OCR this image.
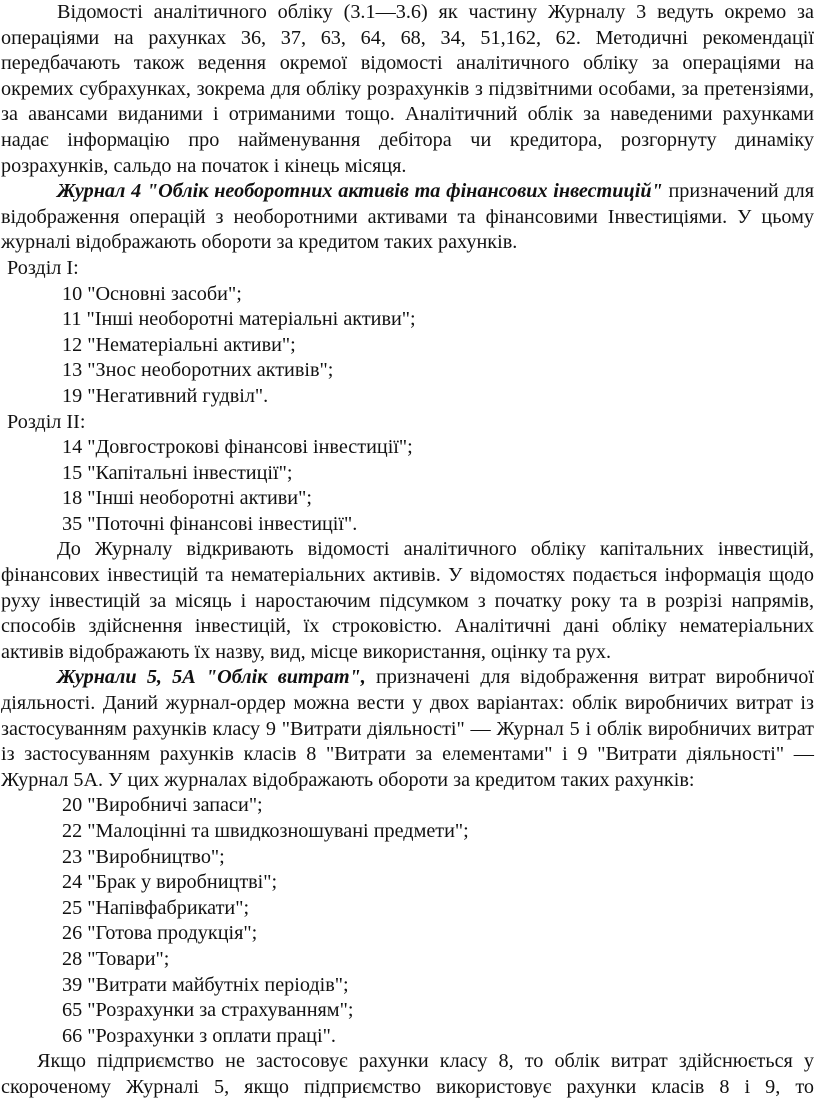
Відомості аналітичного обліку (3.1—3.6) як частину Журналу 3 ведуть окремо за операціями на рахунках 36, 37, 63, 64, 68, 34, 51,162, 62. Методичні рекомендації передбачають також ведення окремої відомості аналітичного обліку за операціями на окремих субрахунках, зокрема для обліку розрахунків з підзвітними особами, за претензіями, за авансами виданими і отриманими тощо. Аналітичний облік за наведеними рахунками надає інформацію про найменування дебітора чи кредитора, розгорнуту динаміку розрахунків, сальдо на початок і кінець місяця.

Журнал 4 "Облік необоротних активів та фінансових інвестицій" призначений для відображення операцій з необоротними активами та фінансовими Інвестиціями. У цьому журналі відображають обороти за кредитом таких рахунків.

Розділ І:
10 "Основні засоби";
11 "Інші необоротні матеріальні активи";
12 "Нематеріальні активи";
13 "Знос необоротних активів";
19 "Негативний гудвіл".
Розділ II:
14 "Довгострокові фінансові інвестиції";
15 "Капітальні інвестиції";
18 "Інші необоротні активи";
35 "Поточні фінансові інвестиції".

До Журналу відкривають відомості аналітичного обліку капітальних інвестицій, фінансових інвестицій та нематеріальних активів. У відомостях подається інформація щодо руху інвестицій за місяць і наростаючим підсумком з початку року та в розрізі напрямів, способів здійснення інвестицій, їх строковістю. Аналітичні дані обліку нематеріальних активів відображають їх назву, вид, місце використання, оцінку та рух.

Журнали 5, 5А "Облік витрат", призначені для відображення витрат виробничої діяльності. Даний журнал-ордер можна вести у двох варіантах: облік виробничих витрат із застосуванням рахунків класу 9 "Витрати діяльності" — Журнал 5 і облік виробничих витрат із застосуванням рахунків класів 8 "Витрати за елементами" і 9 "Витрати діяльності" — Журнал 5А. У цих журналах відображають обороти за кредитом таких рахунків:

20 "Виробничі запаси";
22 "Малоцінні та швидкозношувані предмети";
23 "Виробництво";
24 "Брак у виробництві";
25 "Напівфабрикати";
26 "Готова продукція";
28 "Товари";
39 "Витрати майбутніх періодів";
65 "Розрахунки за страхуванням";
66 "Розрахунки з оплати праці".
Якщо підприємство не застосовує рахунки класу 8, то облік витрат здійснюється у
скороченому Журналі 5, якщо підприємство використовує рахунки класів 8 і 9, то
